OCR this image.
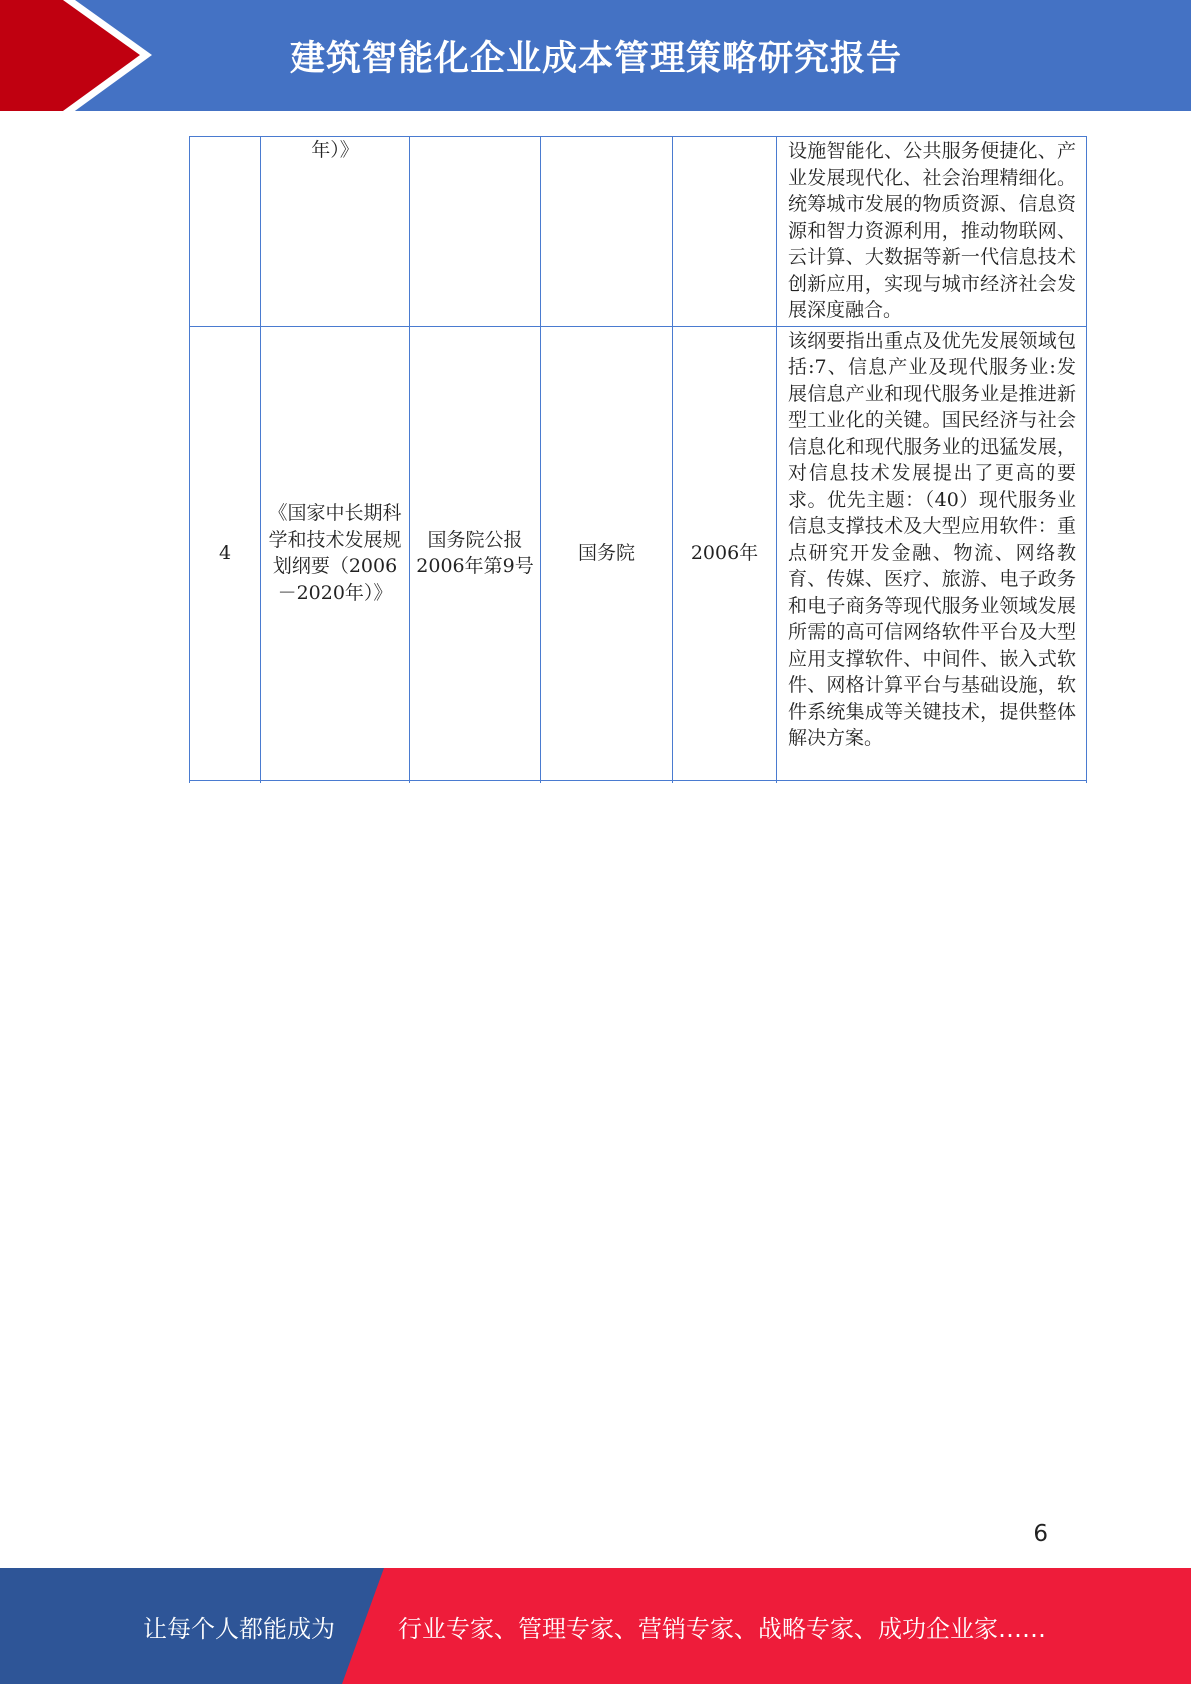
建筑智能化企业成本管理策略研究报告
	年）》				设施智能化、公共服务便捷化、产业发展现代化、社会治理精细化。统筹城市发展的物质资源、信息资源和智力资源利用，推动物联网、云计算、大数据等新一代信息技术创新应用，实现与城市经济社会发展深度融合。
4	《国家中长期科学和技术发展规划纲要（2006－2020年）》	国务院公报2006年第9号	国务院	2006年	该纲要指出重点及优先发展领域包括:7、信息产业及现代服务业:发展信息产业和现代服务业是推进新型工业化的关键。国民经济与社会信息化和现代服务业的迅猛发展，对信息技术发展提出了更高的要求。优先主题：（40）现代服务业信息支撑技术及大型应用软件：重点研究开发金融、物流、网络教育、传媒、医疗、旅游、电子政务和电子商务等现代服务业领域发展所需的高可信网络软件平台及大型应用支撑软件、中间件、嵌入式软件、网格计算平台与基础设施，软件系统集成等关键技术，提供整体解决方案。

6
让每个人都能成为	行业专家、管理专家、营销专家、战略专家、成功企业家……
